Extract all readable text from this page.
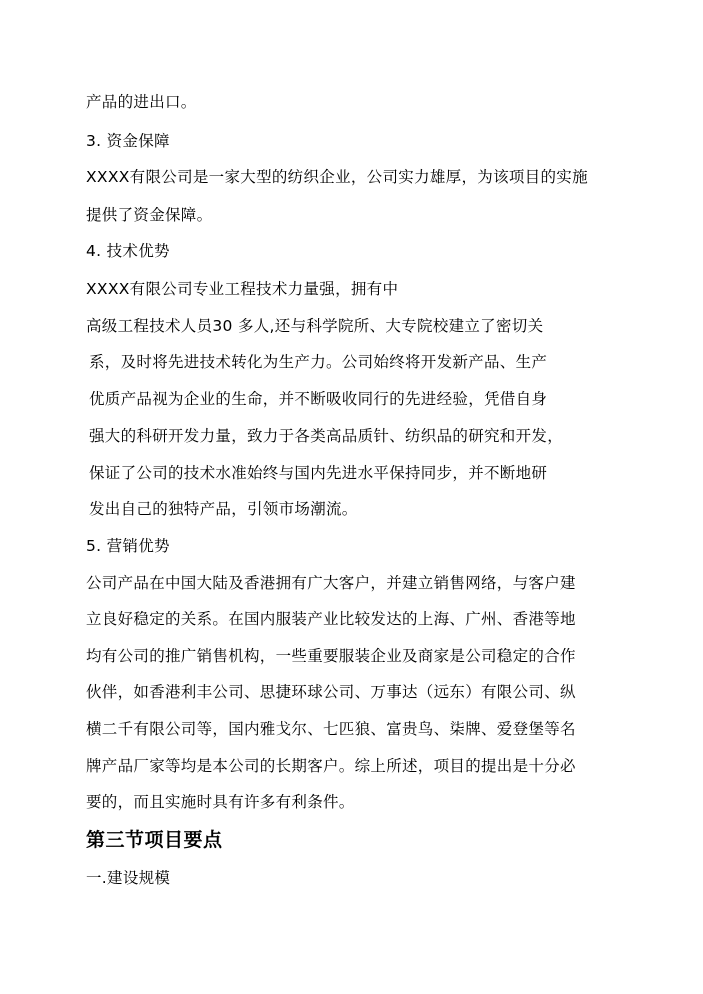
产品的进出口。
3. 资金保障
XXXX有限公司是一家大型的纺织企业，公司实力雄厚，为该项目的实施
提供了资金保障。
4. 技术优势
XXXX有限公司专业工程技术力量强，拥有中
高级工程技术人员30 多人,还与科学院所、大专院校建立了密切关
系，及时将先进技术转化为生产力。公司始终将开发新产品、生产
优质产品视为企业的生命，并不断吸收同行的先进经验，凭借自身
强大的科研开发力量，致力于各类高品质针、纺织品的研究和开发，
保证了公司的技术水准始终与国内先进水平保持同步，并不断地研
发出自己的独特产品，引领市场潮流。
5. 营销优势
公司产品在中国大陆及香港拥有广大客户，并建立销售网络，与客户建
立良好稳定的关系。在国内服装产业比较发达的上海、广州、香港等地
均有公司的推广销售机构，一些重要服装企业及商家是公司稳定的合作
伙伴，如香港利丰公司、思捷环球公司、万事达（远东）有限公司、纵
横二千有限公司等，国内雅戈尔、七匹狼、富贵鸟、柒牌、爱登堡等名
牌产品厂家等均是本公司的长期客户。综上所述，项目的提出是十分必
要的，而且实施时具有许多有利条件。
第三节项目要点
一.建设规模
